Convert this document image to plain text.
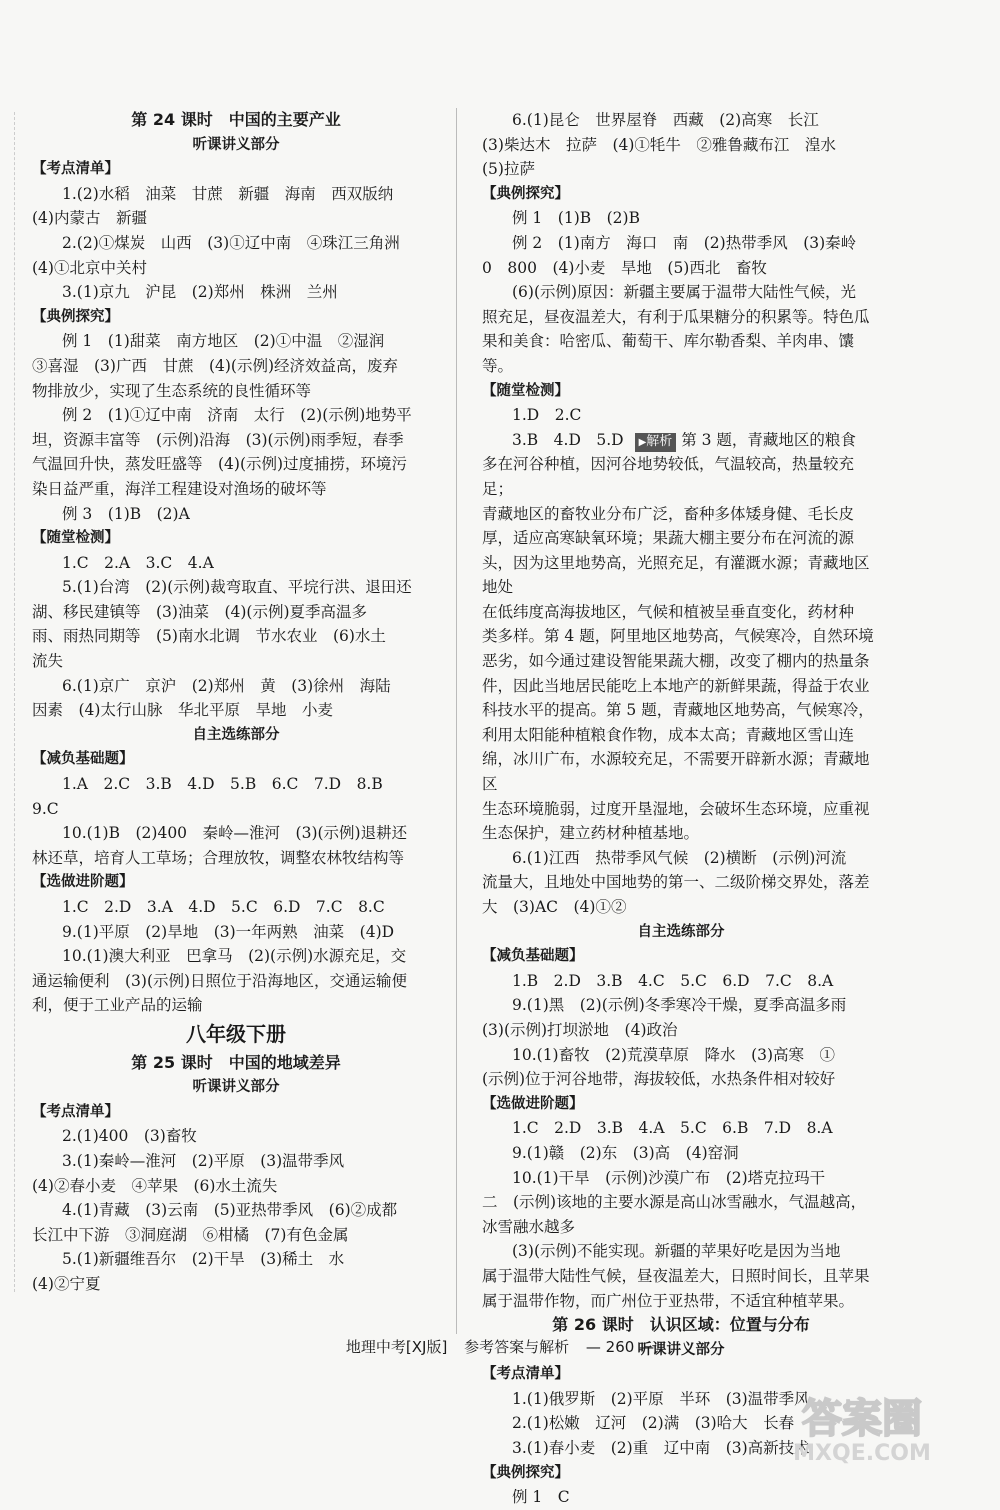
第 24 课时　中国的主要产业
听课讲义部分
【考点清单】
1.(2)水稻　油菜　甘蔗　新疆　海南　西双版纳
(4)内蒙古　新疆
2.(2)①煤炭　山西　(3)①辽中南　④珠江三角洲
(4)①北京中关村
3.(1)京九　沪昆　(2)郑州　株洲　兰州
【典例探究】
例 1　(1)甜菜　南方地区　(2)①中温　②湿润
③喜湿　(3)广西　甘蔗　(4)(示例)经济效益高，废弃
物排放少，实现了生态系统的良性循环等
例 2　(1)①辽中南　济南　太行　(2)(示例)地势平
坦，资源丰富等　(示例)沿海　(3)(示例)雨季短，春季
气温回升快，蒸发旺盛等　(4)(示例)过度捕捞，环境污
染日益严重，海洋工程建设对渔场的破坏等
例 3　(1)B　(2)A
【随堂检测】
1.C　2.A　3.C　4.A
5.(1)台湾　(2)(示例)裁弯取直、平垸行洪、退田还
湖、移民建镇等　(3)油菜　(4)(示例)夏季高温多
雨、雨热同期等　(5)南水北调　节水农业　(6)水土
流失
6.(1)京广　京沪　(2)郑州　黄　(3)徐州　海陆
因素　(4)太行山脉　华北平原　旱地　小麦
自主选练部分
【减负基础题】
1.A　2.C　3.B　4.D　5.B　6.C　7.D　8.B
9.C
10.(1)B　(2)400　秦岭—淮河　(3)(示例)退耕还
林还草，培育人工草场；合理放牧，调整农林牧结构等
【选做进阶题】
1.C　2.D　3.A　4.D　5.C　6.D　7.C　8.C
9.(1)平原　(2)旱地　(3)一年两熟　油菜　(4)D
10.(1)澳大利亚　巴拿马　(2)(示例)水源充足，交
通运输便利　(3)(示例)日照位于沿海地区，交通运输便
利，便于工业产品的运输
八年级下册
第 25 课时　中国的地域差异
听课讲义部分
【考点清单】
2.(1)400　(3)畜牧
3.(1)秦岭—淮河　(2)平原　(3)温带季风
(4)②春小麦　④苹果　(6)水土流失
4.(1)青藏　(3)云南　(5)亚热带季风　(6)②成都
长江中下游　③洞庭湖　⑥柑橘　(7)有色金属
5.(1)新疆维吾尔　(2)干旱　(3)稀土　水
(4)②宁夏
6.(1)昆仑　世界屋脊　西藏　(2)高寒　长江
(3)柴达木　拉萨　(4)①牦牛　②雅鲁藏布江　湟水
(5)拉萨
【典例探究】
例 1　(1)B　(2)B
例 2　(1)南方　海口　南　(2)热带季风　(3)秦岭
0　800　(4)小麦　旱地　(5)西北　畜牧
(6)(示例)原因：新疆主要属于温带大陆性气候，光
照充足，昼夜温差大，有利于瓜果糖分的积累等。特色瓜
果和美食：哈密瓜、葡萄干、库尔勒香梨、羊肉串、馕等。
【随堂检测】
1.D　2.C
3.B　4.D　5.D ▶解析 第 3 题，青藏地区的粮食
多在河谷种植，因河谷地势较低，气温较高，热量较充足；
青藏地区的畜牧业分布广泛，畜种多体矮身健、毛长皮
厚，适应高寒缺氧环境；果蔬大棚主要分布在河流的源
头，因为这里地势高，光照充足，有灌溉水源；青藏地区地处
在低纬度高海拔地区，气候和植被呈垂直变化，药材种
类多样。第 4 题，阿里地区地势高，气候寒冷，自然环境
恶劣，如今通过建设智能果蔬大棚，改变了棚内的热量条
件，因此当地居民能吃上本地产的新鲜果蔬，得益于农业
科技水平的提高。第 5 题，青藏地区地势高，气候寒冷，
利用太阳能种植粮食作物，成本太高；青藏地区雪山连
绵，冰川广布，水源较充足，不需要开辟新水源；青藏地区
生态环境脆弱，过度开垦湿地，会破坏生态环境，应重视
生态保护，建立药材种植基地。
6.(1)江西　热带季风气候　(2)横断　(示例)河流
流量大，且地处中国地势的第一、二级阶梯交界处，落差
大　(3)AC　(4)①②
自主选练部分
【减负基础题】
1.B　2.D　3.B　4.C　5.C　6.D　7.C　8.A
9.(1)黑　(2)(示例)冬季寒冷干燥，夏季高温多雨
(3)(示例)打坝淤地　(4)政治
10.(1)畜牧　(2)荒漠草原　降水　(3)高寒　①
(示例)位于河谷地带，海拔较低，水热条件相对较好
【选做进阶题】
1.C　2.D　3.B　4.A　5.C　6.B　7.D　8.A
9.(1)赣　(2)东　(3)高　(4)窑洞
10.(1)干旱　(示例)沙漠广布　(2)塔克拉玛干
二　(示例)该地的主要水源是高山冰雪融水，气温越高，
冰雪融水越多
(3)(示例)不能实现。新疆的苹果好吃是因为当地
属于温带大陆性气候，昼夜温差大，日照时间长，且苹果
属于温带作物，而广州位于亚热带，不适宜种植苹果。
第 26 课时　认识区域：位置与分布
听课讲义部分
【考点清单】
1.(1)俄罗斯　(2)平原　半环　(3)温带季风
2.(1)松嫩　辽河　(2)满　(3)哈大　长春
3.(1)春小麦　(2)重　辽中南　(3)高新技术
【典例探究】
例 1　C
地理中考[XJ版] 参考答案与解析 — 260 —
答案圈
MXQE.COM
